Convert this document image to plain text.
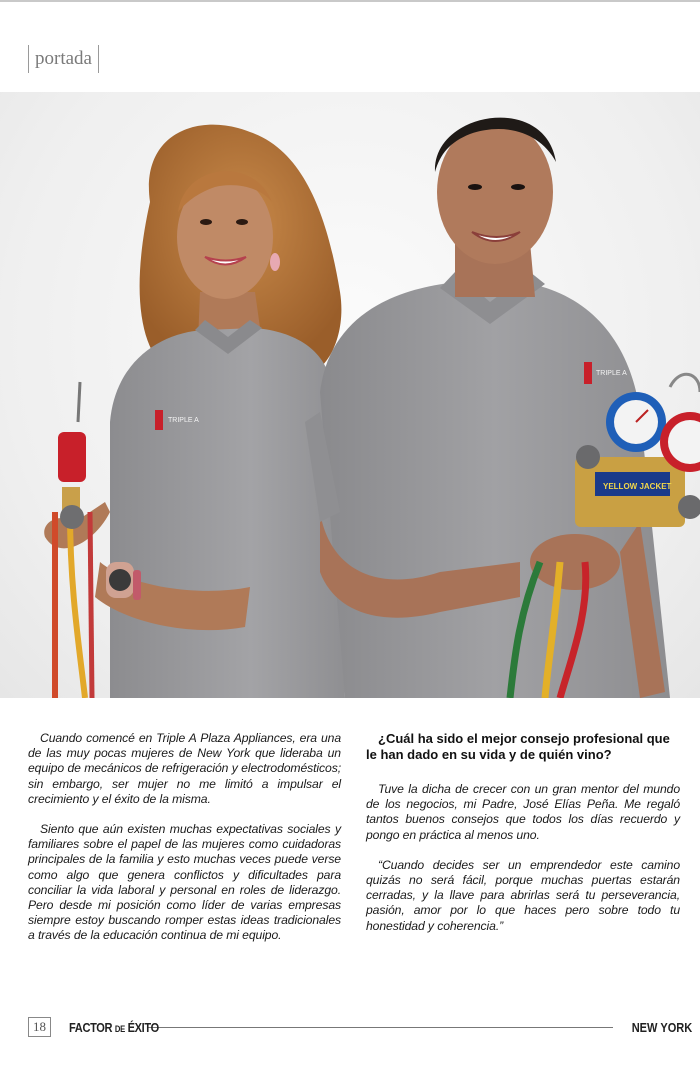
portada
TRIPLE A
TRIPLE A
YELLOW JACKET

Cuando comencé en Triple A Plaza Appliances, era una de las muy pocas mujeres de New York que lideraba un equipo de mecánicos de refrigeración y electrodomésticos; sin embargo, ser mujer no me limitó a impulsar el crecimiento y el éxito de la misma.

Siento que aún existen muchas expectativas sociales y familiares sobre el papel de las mujeres como cuidadoras principales de la familia y esto muchas veces puede verse como algo que genera conflictos y dificultades para conciliar la vida laboral y personal en roles de liderazgo. Pero desde mi posición como líder de varias empresas siempre estoy buscando romper estas ideas tradicionales a través de la educación continua de mi equipo.

¿Cuál ha sido el mejor consejo profesional que le han dado en su vida y de quién vino?

Tuve la dicha de crecer con un gran mentor del mundo de los negocios, mi Padre, José Elías Peña. Me regaló tantos buenos consejos que todos los días recuerdo y pongo en práctica al menos uno.

“Cuando decides ser un emprendedor este camino quizás no será fácil, porque muchas puertas estarán cerradas, y la llave para abrirlas será tu perseverancia, pasión, amor por lo que haces pero sobre todo tu honestidad y coherencia.”

18	FACTOR DE ÉXITO	NEW YORK
